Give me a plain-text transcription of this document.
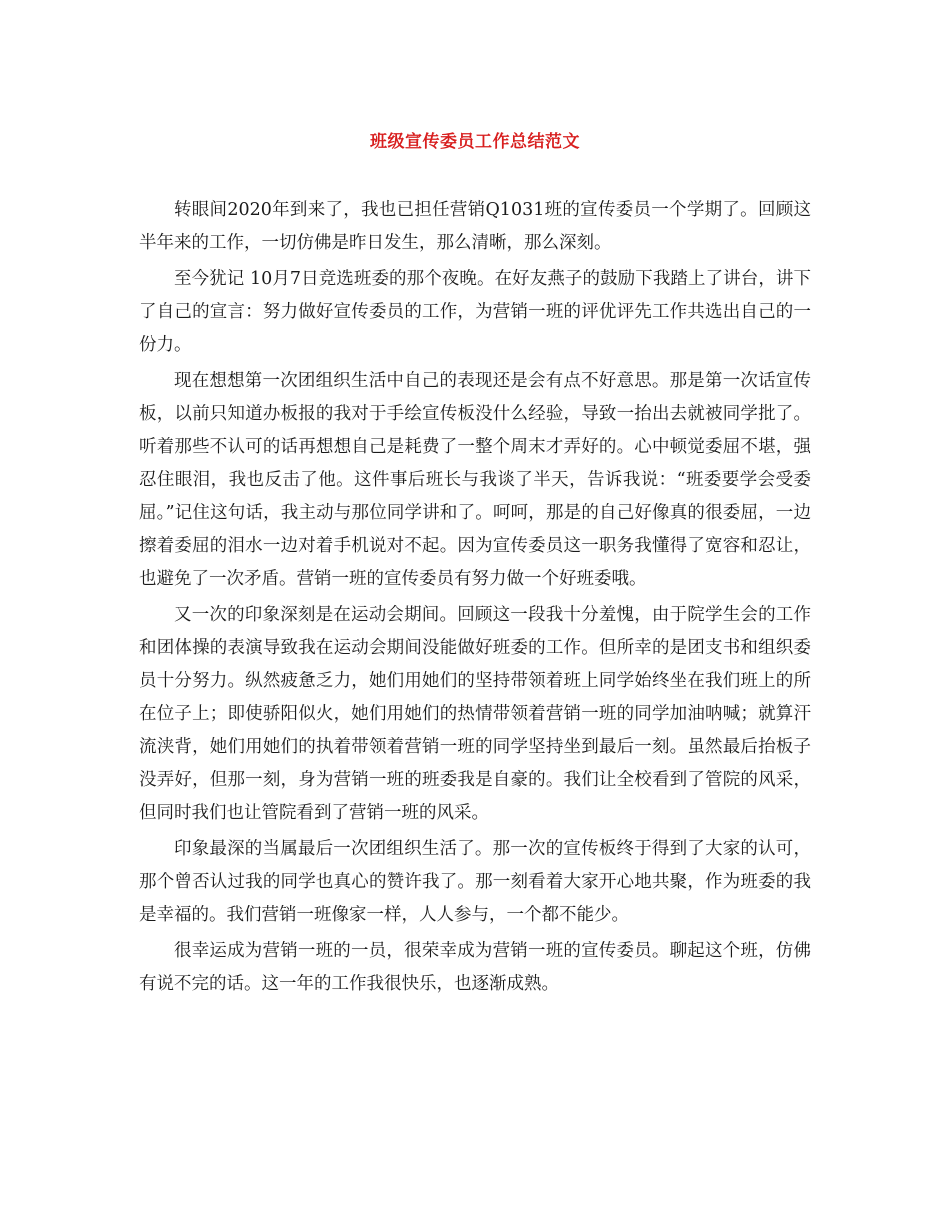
班级宣传委员工作总结范文

转眼间2020年到来了，我也已担任营销Q1031班的宣传委员一个学期了。回顾这半年来的工作，一切仿佛是昨日发生，那么清晰，那么深刻。

至今犹记 10月7日竞选班委的那个夜晚。在好友燕子的鼓励下我踏上了讲台，讲下了自己的宣言：努力做好宣传委员的工作，为营销一班的评优评先工作共选出自己的一份力。

现在想想第一次团组织生活中自己的表现还是会有点不好意思。那是第一次话宣传板，以前只知道办板报的我对于手绘宣传板没什么经验，导致一抬出去就被同学批了。听着那些不认可的话再想想自己是耗费了一整个周末才弄好的。心中顿觉委屈不堪，强忍住眼泪，我也反击了他。这件事后班长与我谈了半天，告诉我说：“班委要学会受委屈。”记住这句话，我主动与那位同学讲和了。呵呵，那是的自己好像真的很委屈，一边擦着委屈的泪水一边对着手机说对不起。因为宣传委员这一职务我懂得了宽容和忍让，也避免了一次矛盾。营销一班的宣传委员有努力做一个好班委哦。

又一次的印象深刻是在运动会期间。回顾这一段我十分羞愧，由于院学生会的工作和团体操的表演导致我在运动会期间没能做好班委的工作。但所幸的是团支书和组织委员十分努力。纵然疲惫乏力，她们用她们的坚持带领着班上同学始终坐在我们班上的所在位子上；即使骄阳似火，她们用她们的热情带领着营销一班的同学加油呐喊；就算汗流浃背，她们用她们的执着带领着营销一班的同学坚持坐到最后一刻。虽然最后抬板子没弄好，但那一刻，身为营销一班的班委我是自豪的。我们让全校看到了管院的风采，但同时我们也让管院看到了营销一班的风采。

印象最深的当属最后一次团组织生活了。那一次的宣传板终于得到了大家的认可，那个曾否认过我的同学也真心的赞许我了。那一刻看着大家开心地共聚，作为班委的我是幸福的。我们营销一班像家一样，人人参与，一个都不能少。

很幸运成为营销一班的一员，很荣幸成为营销一班的宣传委员。聊起这个班，仿佛有说不完的话。这一年的工作我很快乐，也逐渐成熟。
